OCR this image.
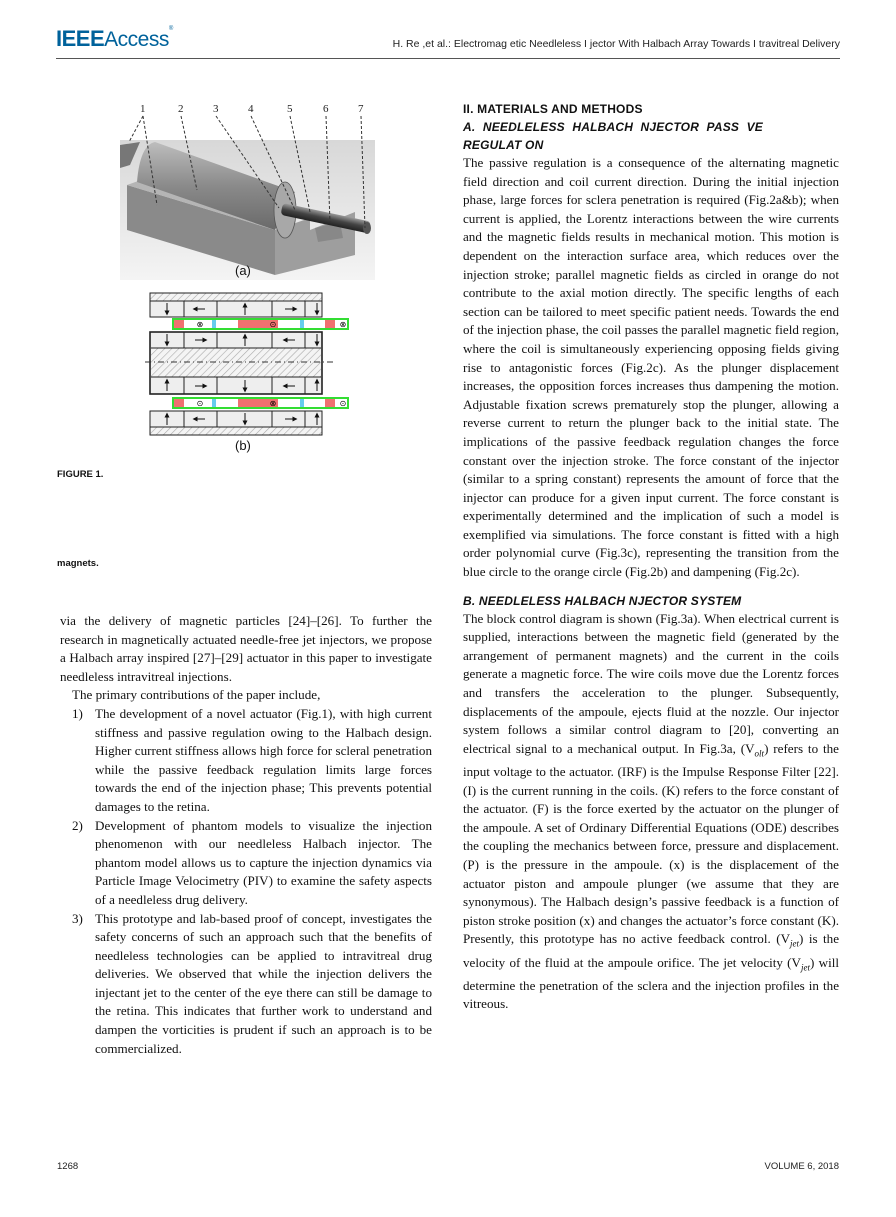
IEEEAccess®
H. Re ,et al.: Electromag etic Needleless I jector With Halbach Array Towards I travitreal Delivery
1	2	3	4	5	6	7
(a)
⊗	⊙	⊗
⊙	⊗	⊙
(b)
FIGURE 1.
magnets.

via the delivery of magnetic particles [24]–[26]. To further the research in magnetically actuated needle-free jet injectors, we propose a Halbach array inspired [27]–[29] actuator in this paper to investigate needleless intravitreal injections.

The primary contributions of the paper include,

1) The development of a novel actuator (Fig.1), with high current stiffness and passive regulation owing to the Halbach design. Higher current stiffness allows high force for scleral penetration while the passive feedback regulation limits large forces towards the end of the injection phase; This prevents potential damages to the retina.
2) Development of phantom models to visualize the injection phenomenon with our needleless Halbach injector. The phantom model allows us to capture the injection dynamics via Particle Image Velocimetry (PIV) to examine the safety aspects of a needleless drug delivery.
3) This prototype and lab-based proof of concept, investigates the safety concerns of such an approach such that the benefits of needleless technologies can be applied to intravitreal drug deliveries. We observed that while the injection delivers the injectant jet to the center of the eye there can still be damage to the retina. This indicates that further work to understand and dampen the vorticities is prudent if such an approach is to be commercialized.
II. MATERIALS AND METHODS
A. NEEDLELESS HALBACH NJECTOR PASS VE REGULAT ON

The passive regulation is a consequence of the alternating magnetic field direction and coil current direction. During the initial injection phase, large forces for sclera penetration is required (Fig.2a&b); when current is applied, the Lorentz interactions between the wire currents and the magnetic fields results in mechanical motion. This motion is dependent on the interaction surface area, which reduces over the injection stroke; parallel magnetic fields as circled in orange do not contribute to the axial motion directly. The specific lengths of each section can be tailored to meet specific patient needs. Towards the end of the injection phase, the coil passes the parallel magnetic field region, where the coil is simultaneously experiencing opposing fields giving rise to antagonistic forces (Fig.2c). As the plunger displacement increases, the opposition forces increases thus dampening the motion. Adjustable fixation screws prematurely stop the plunger, allowing a reverse current to return the plunger back to the initial state. The implications of the passive feedback regulation changes the force constant over the injection stroke. The force constant of the injector (similar to a spring constant) represents the amount of force that the injector can produce for a given input current. The force constant is experimentally determined and the implication of such a model is exemplified via simulations. The force constant is fitted with a high order polynomial curve (Fig.3c), representing the transition from the blue circle to the orange circle (Fig.2b) and dampening (Fig.2c).

B. NEEDLELESS HALBACH NJECTOR SYSTEM

The block control diagram is shown (Fig.3a). When electrical current is supplied, interactions between the magnetic field (generated by the arrangement of permanent magnets) and the current in the coils generate a magnetic force. The wire coils move due the Lorentz forces and transfers the acceleration to the plunger. Subsequently, displacements of the ampoule, ejects fluid at the nozzle. Our injector system follows a similar control diagram to [20], converting an electrical signal to a mechanical output. In Fig.3a, $(V_{olt})$ refers to the input voltage to the actuator. (IRF) is the Impulse Response Filter [22]. (I) is the current running in the coils. (K) refers to the force constant of the actuator. (F) is the force exerted by the actuator on the plunger of the ampoule. A set of Ordinary Differential Equations (ODE) describes the coupling the mechanics between force, pressure and displacement. (P) is the pressure in the ampoule. (x) is the displacement of the actuator piston and ampoule plunger (we assume that they are synonymous). The Halbach design’s passive feedback is a function of piston stroke position (x) and changes the actuator’s force constant (K). Presently, this prototype has no active feedback control. $(V_{jet})$ is the velocity of the fluid at the ampoule orifice. The jet velocity $(V_{jet})$ will determine the penetration of the sclera and the injection profiles in the vitreous.

1268	VOLUME 6, 2018
